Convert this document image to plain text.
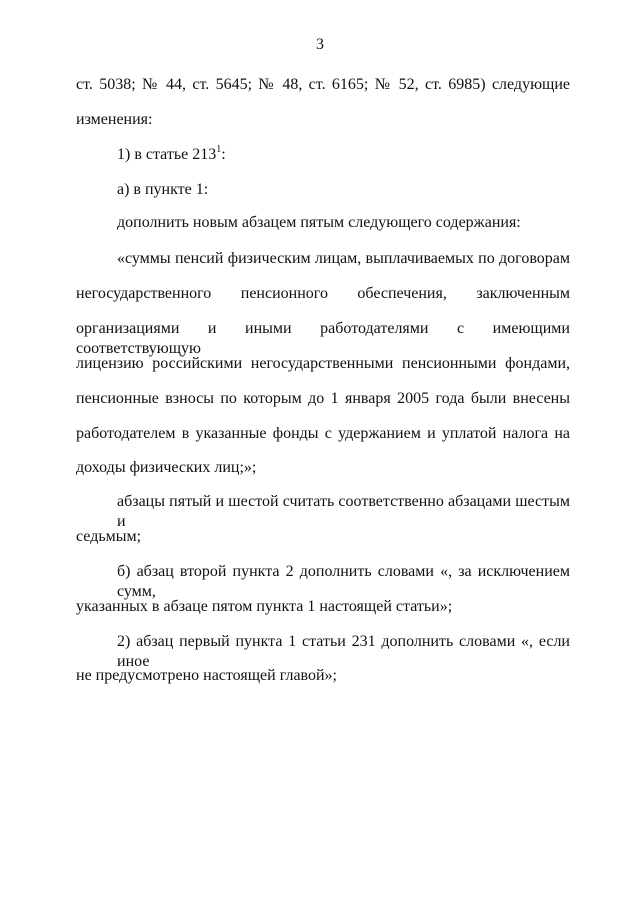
3
ст. 5038; № 44, ст. 5645; № 48, ст. 6165; № 52, ст. 6985) следующие
изменения:
1) в статье $213^1$:
а) в пункте 1:
дополнить новым абзацем пятым следующего содержания:
«суммы пенсий физическим лицам, выплачиваемых по договорам
негосударственного пенсионного обеспечения, заключенным
организациями и иными работодателями с имеющими соответствующую
лицензию российскими негосударственными пенсионными фондами,
пенсионные взносы по которым до 1 января 2005 года были внесены
работодателем в указанные фонды с удержанием и уплатой налога на
доходы физических лиц;»;
абзацы пятый и шестой считать соответственно абзацами шестым и
седьмым;
б) абзац второй пункта 2 дополнить словами «, за исключением сумм,
указанных в абзаце пятом пункта 1 настоящей статьи»;
2) абзац первый пункта 1 статьи 231 дополнить словами «, если иное
не предусмотрено настоящей главой»;
